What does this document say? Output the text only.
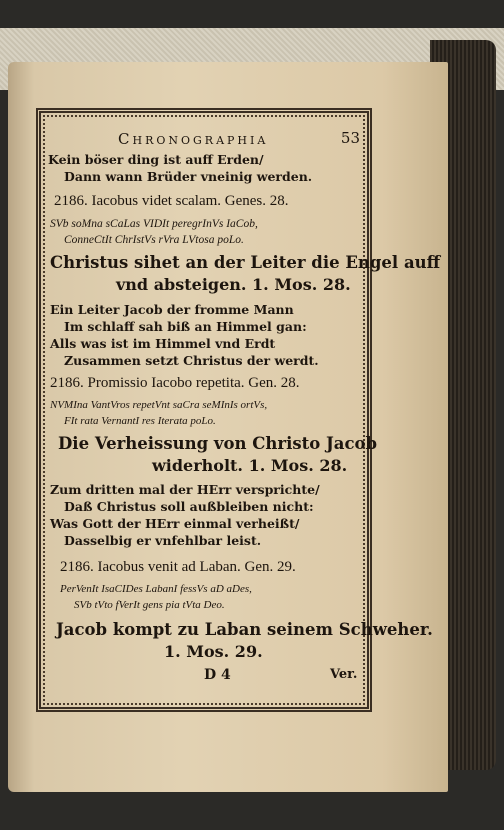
Chronographia	53
Kein böser ding ist auff Erden/
Dann wann Brüder vneinig werden.
2186. Iacobus videt scalam. Genes. 28.
SVb soMna sCaLas VIDIt peregrInVs IaCob,
ConneCtIt ChrIstVs rVra LVtosa poLo.
Christus sihet an der Leiter die Engel auff
vnd absteigen. 1. Mos. 28.
Ein Leiter Jacob der fromme Mann
Im schlaff sah biß an Himmel gan:
Alls was ist im Himmel vnd Erdt
Zusammen setzt Christus der werdt.
2186. Promissio Iacobo repetita. Gen. 28.
NVMIna VantVros repetVnt saCra seMInIs ortVs,
FIt rata VernantI res Iterata poLo.
Die Verheissung von Christo Jacob
widerholt. 1. Mos. 28.
Zum dritten mal der HErr versprichte/
Daß Christus soll außbleiben nicht:
Was Gott der HErr einmal verheißt/
Dasselbig er vnfehlbar leist.
2186. Iacobus venit ad Laban. Gen. 29.
PerVenIt IsaCIDes LabanI fessVs aD aDes,
SVb tVto fVerIt gens pia tVta Deo.
Jacob kompt zu Laban seinem Schweher.
1. Mos. 29.
D 4	Ver.
